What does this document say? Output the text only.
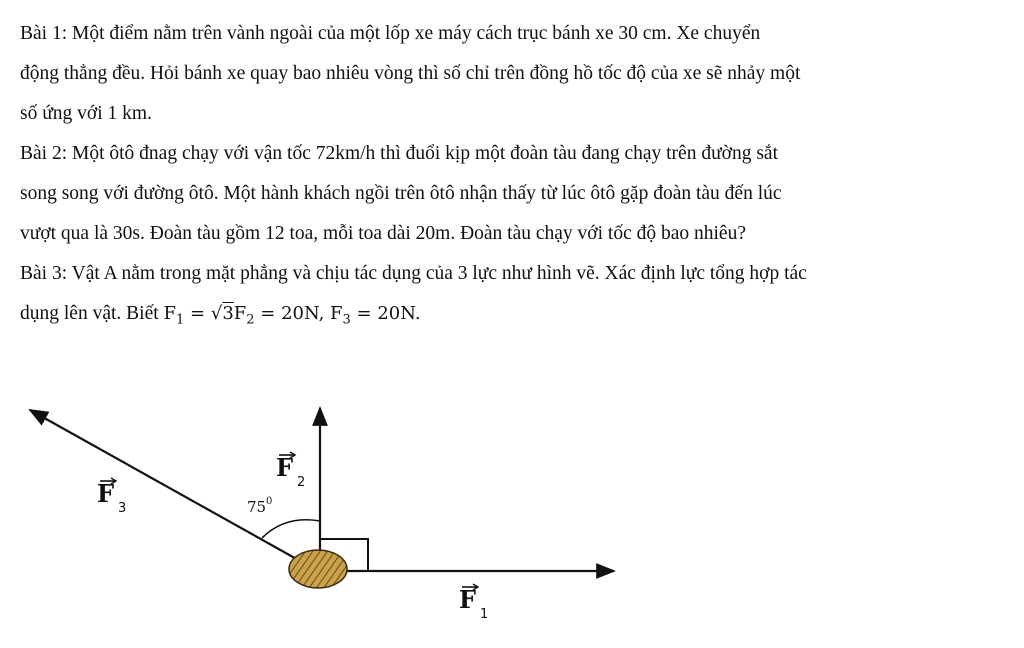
Bài 1: Một điểm nằm trên vành ngoài của một lốp xe máy cách trục bánh xe 30 cm. Xe chuyển
động thẳng đều. Hỏi bánh xe quay bao nhiêu vòng thì số chỉ trên đồng hồ tốc độ của xe sẽ nhảy một
số ứng với 1 km.
Bài 2: Một ôtô đnag chạy với vận tốc 72km/h thì đuổi kịp một đoàn tàu đang chạy trên đường sắt
song song với đường ôtô. Một hành khách ngồi trên ôtô nhận thấy từ lúc ôtô gặp đoàn tàu đến lúc
vượt qua là 30s. Đoàn tàu gồm 12 toa, mỗi toa dài 20m. Đoàn tàu chạy với tốc độ bao nhiêu?
Bài 3: Vật A nằm trong mặt phẳng và chịu tác dụng của 3 lực như hình vẽ. Xác định lực tổng hợp tác
dụng lên vật. Biết $F_1 = √3F_2 = 20N$, $F_3 = 20N$.
F
2
F
3
F
1
75 0
